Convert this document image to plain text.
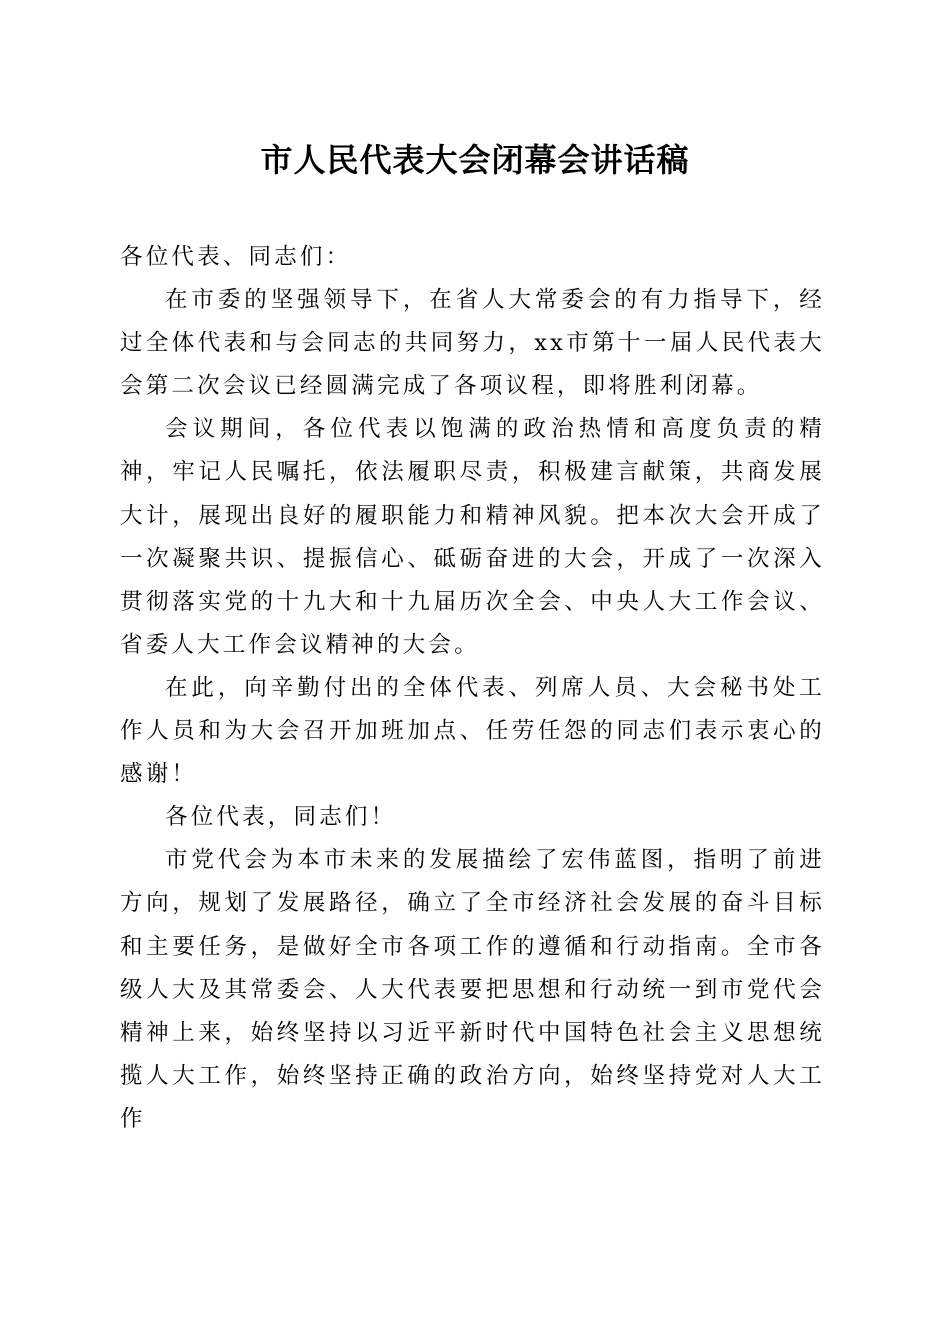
市人民代表大会闭幕会讲话稿

各位代表、同志们：

在市委的坚强领导下，在省人大常委会的有力指导下，经过全体代表和与会同志的共同努力，xx市第十一届人民代表大会第二次会议已经圆满完成了各项议程，即将胜利闭幕。

会议期间，各位代表以饱满的政治热情和高度负责的精神，牢记人民嘱托，依法履职尽责，积极建言献策，共商发展大计，展现出良好的履职能力和精神风貌。把本次大会开成了一次凝聚共识、提振信心、砥砺奋进的大会，开成了一次深入贯彻落实党的十九大和十九届历次全会、中央人大工作会议、省委人大工作会议精神的大会。

在此，向辛勤付出的全体代表、列席人员、大会秘书处工作人员和为大会召开加班加点、任劳任怨的同志们表示衷心的感谢！

各位代表，同志们！

市党代会为本市未来的发展描绘了宏伟蓝图，指明了前进方向，规划了发展路径，确立了全市经济社会发展的奋斗目标和主要任务，是做好全市各项工作的遵循和行动指南。全市各级人大及其常委会、人大代表要把思想和行动统一到市党代会精神上来，始终坚持以习近平新时代中国特色社会主义思想统揽人大工作，始终坚持正确的政治方向，始终坚持党对人大工作
